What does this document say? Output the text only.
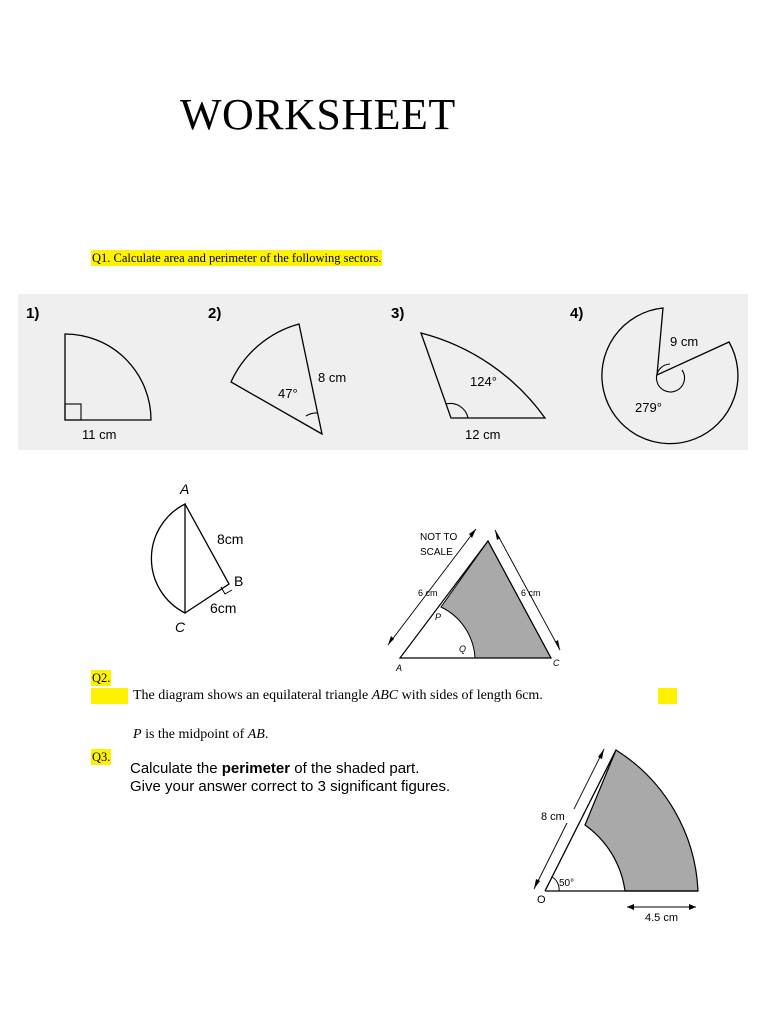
WORKSHEET
Q1. Calculate area and perimeter of the following sectors.
1)
11 cm
2)
47°
8 cm
3)
124°
12 cm
4)
9 cm
279°
A
8cm
B
6cm
C
NOT TO
SCALE
6 cm	6 cm
P
Q
A	C
Q2.
The diagram shows an equilateral triangle ABC with sides of length 6cm.
P is the midpoint of AB.
Q3.
Calculate the perimeter of the shaded part.
Give your answer correct to 3 significant figures.
8 cm
50°
O
4.5 cm
